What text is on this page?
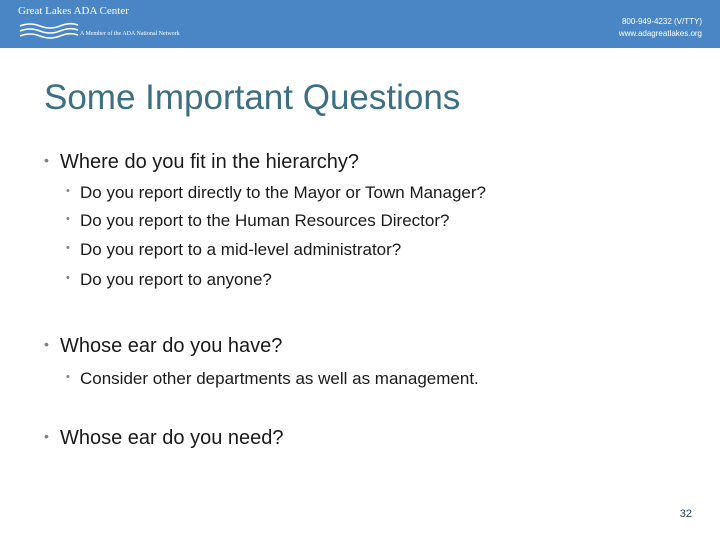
Great Lakes ADA Center
A Member of the ADA National Network
800-949-4232 (V/TTY)
www.adagreatlakes.org
Some Important Questions
• Where do you fit in the hierarchy?
• Do you report directly to the Mayor or Town Manager?
• Do you report to the Human Resources Director?
• Do you report to a mid-level administrator?
• Do you report to anyone?
• Whose ear do you have?
• Consider other departments as well as management.
• Whose ear do you need?
32
